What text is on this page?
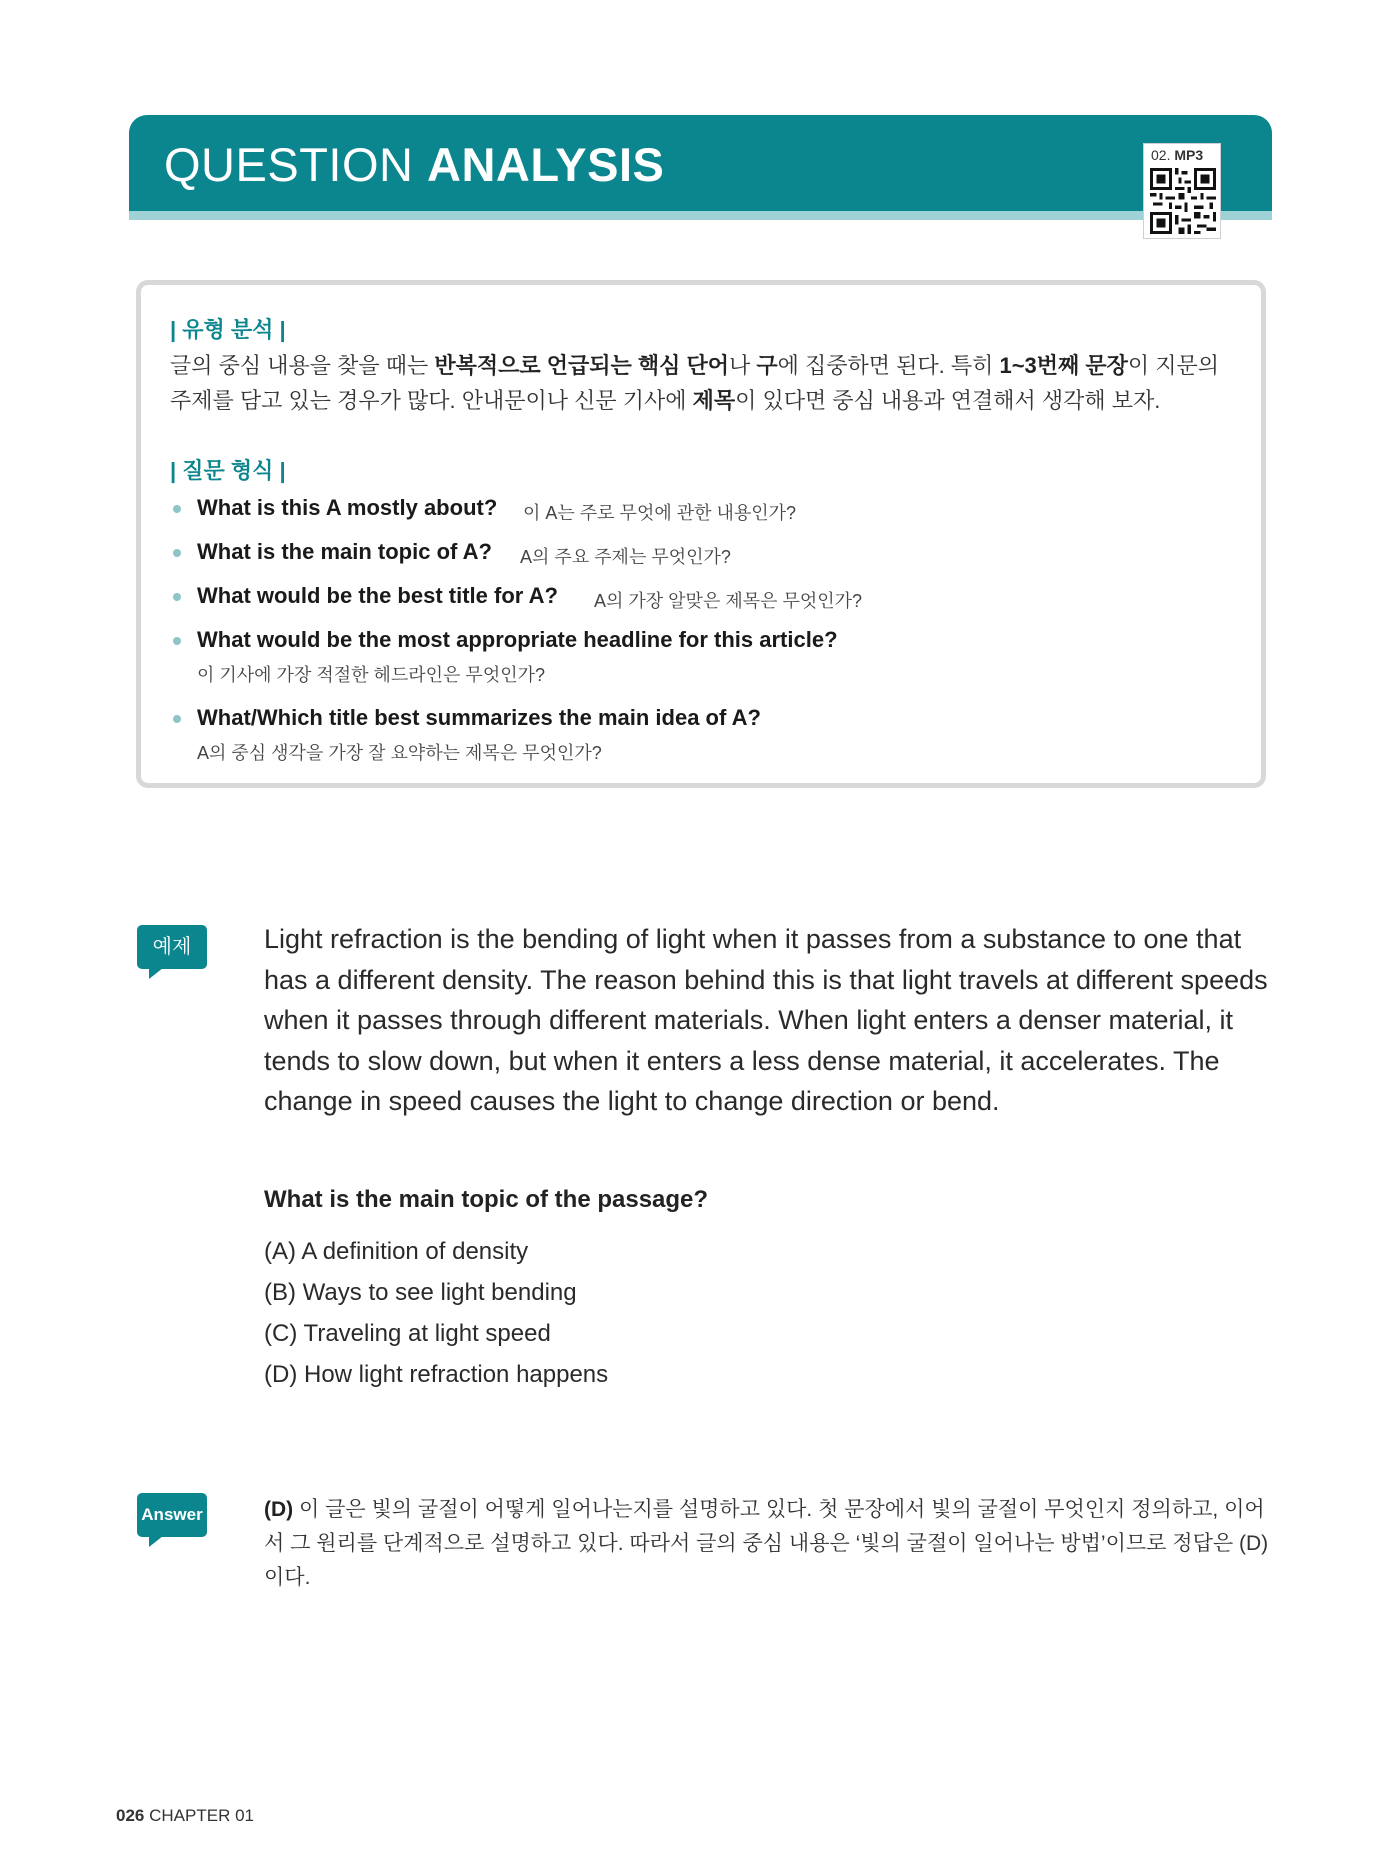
QUESTION ANALYSIS	02. MP3
| 유형 분석 |
글의 중심 내용을 찾을 때는 반복적으로 언급되는 핵심 단어나 구에 집중하면 된다. 특히 1~3번째 문장이 지문의 주제를 담고 있는 경우가 많다. 안내문이나 신문 기사에 제목이 있다면 중심 내용과 연결해서 생각해 보자.
| 질문 형식 |
What is this A mostly about? 이 A는 주로 무엇에 관한 내용인가?
What is the main topic of A? A의 주요 주제는 무엇인가?
What would be the best title for A? A의 가장 알맞은 제목은 무엇인가?
What would be the most appropriate headline for this article?
이 기사에 가장 적절한 헤드라인은 무엇인가?
What/Which title best summarizes the main idea of A?
A의 중심 생각을 가장 잘 요약하는 제목은 무엇인가?
예제	Light refraction is the bending of light when it passes from a substance to one that has a different density. The reason behind this is that light travels at different speeds when it passes through different materials. When light enters a denser material, it tends to slow down, but when it enters a less dense material, it accelerates. The change in speed causes the light to change direction or bend.
What is the main topic of the passage?
(A) A definition of density
(B) Ways to see light bending
(C) Traveling at light speed
(D) How light refraction happens
Answer	(D) 이 글은 빛의 굴절이 어떻게 일어나는지를 설명하고 있다. 첫 문장에서 빛의 굴절이 무엇인지 정의하고, 이어서 그 원리를 단계적으로 설명하고 있다. 따라서 글의 중심 내용은 ‘빛의 굴절이 일어나는 방법’이므로 정답은 (D)이다.
026 CHAPTER 01
